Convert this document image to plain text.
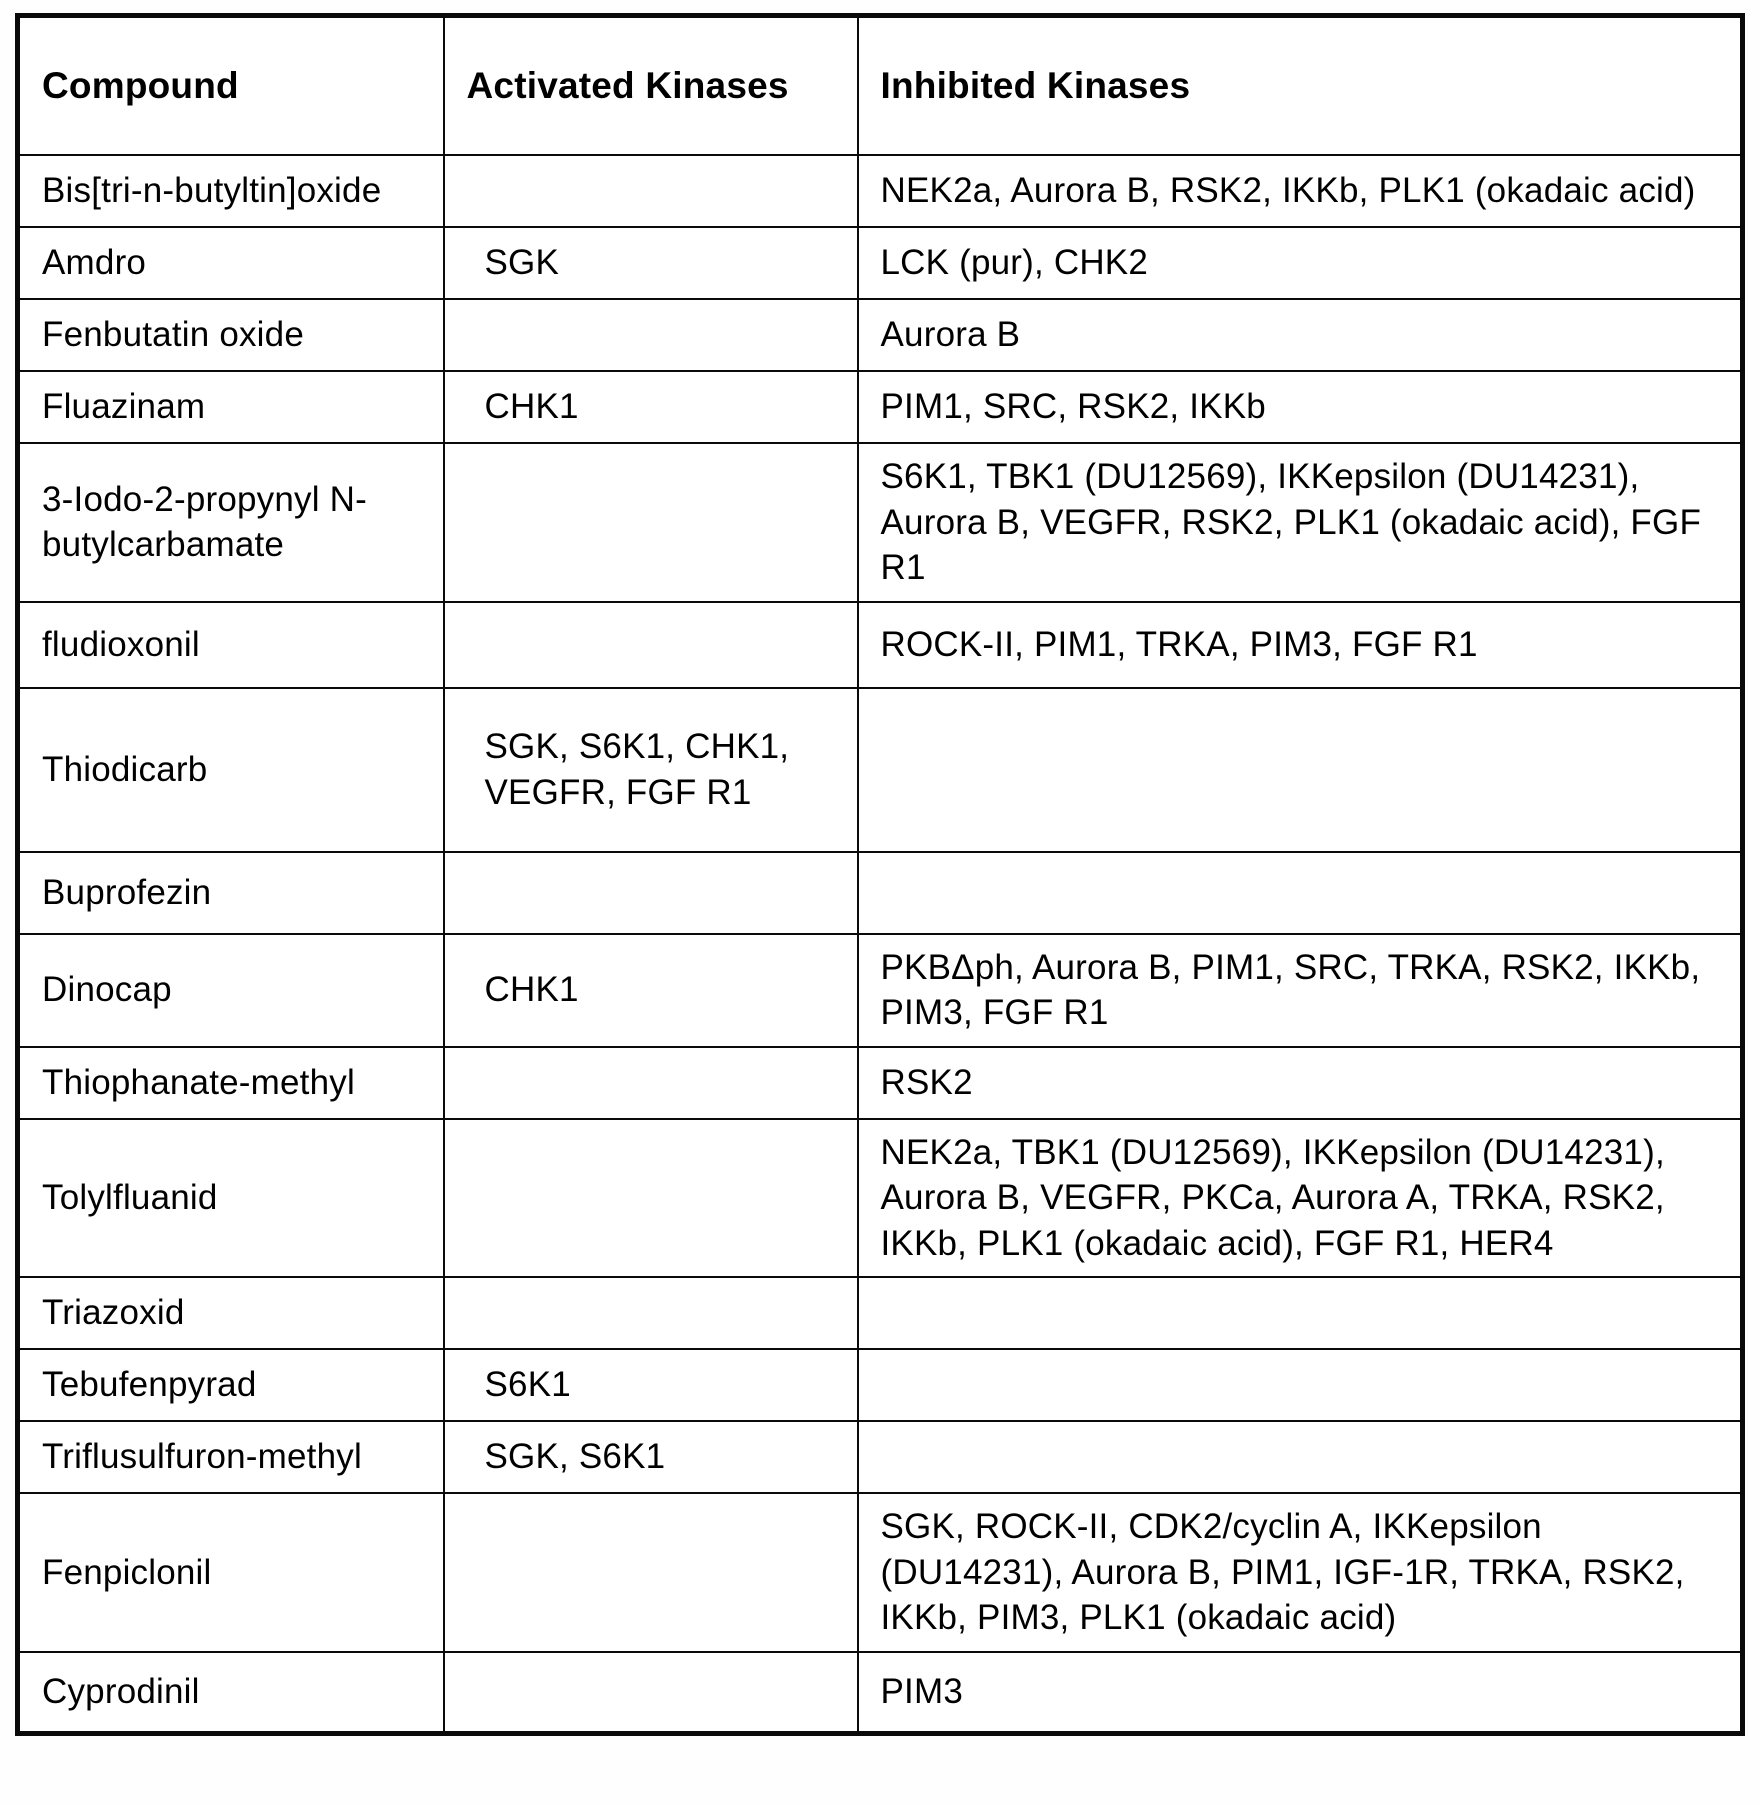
Compound	Activated Kinases	Inhibited Kinases
Bis[tri-n-butyltin]oxide		NEK2a, Aurora B, RSK2, IKKb, PLK1 (okadaic acid)
Amdro	SGK	LCK (pur), CHK2
Fenbutatin oxide		Aurora B
Fluazinam	CHK1	PIM1, SRC, RSK2, IKKb
3-Iodo-2-propynyl N-butylcarbamate		S6K1, TBK1 (DU12569), IKKepsilon (DU14231), Aurora B, VEGFR, RSK2, PLK1 (okadaic acid), FGF R1
fludioxonil		ROCK-II, PIM1, TRKA, PIM3, FGF R1
Thiodicarb	SGK, S6K1, CHK1, VEGFR, FGF R1	
Buprofezin		
Dinocap	CHK1	PKBΔph, Aurora B, PIM1, SRC, TRKA, RSK2, IKKb, PIM3, FGF R1
Thiophanate-methyl		RSK2
Tolylfluanid		NEK2a, TBK1 (DU12569), IKKepsilon (DU14231), Aurora B, VEGFR, PKCa, Aurora A, TRKA, RSK2, IKKb, PLK1 (okadaic acid), FGF R1, HER4
Triazoxid		
Tebufenpyrad	S6K1	
Triflusulfuron-methyl	SGK, S6K1	
Fenpiclonil		SGK, ROCK-II, CDK2/cyclin A, IKKepsilon (DU14231), Aurora B, PIM1, IGF-1R, TRKA, RSK2, IKKb, PIM3, PLK1 (okadaic acid)
Cyprodinil		PIM3
